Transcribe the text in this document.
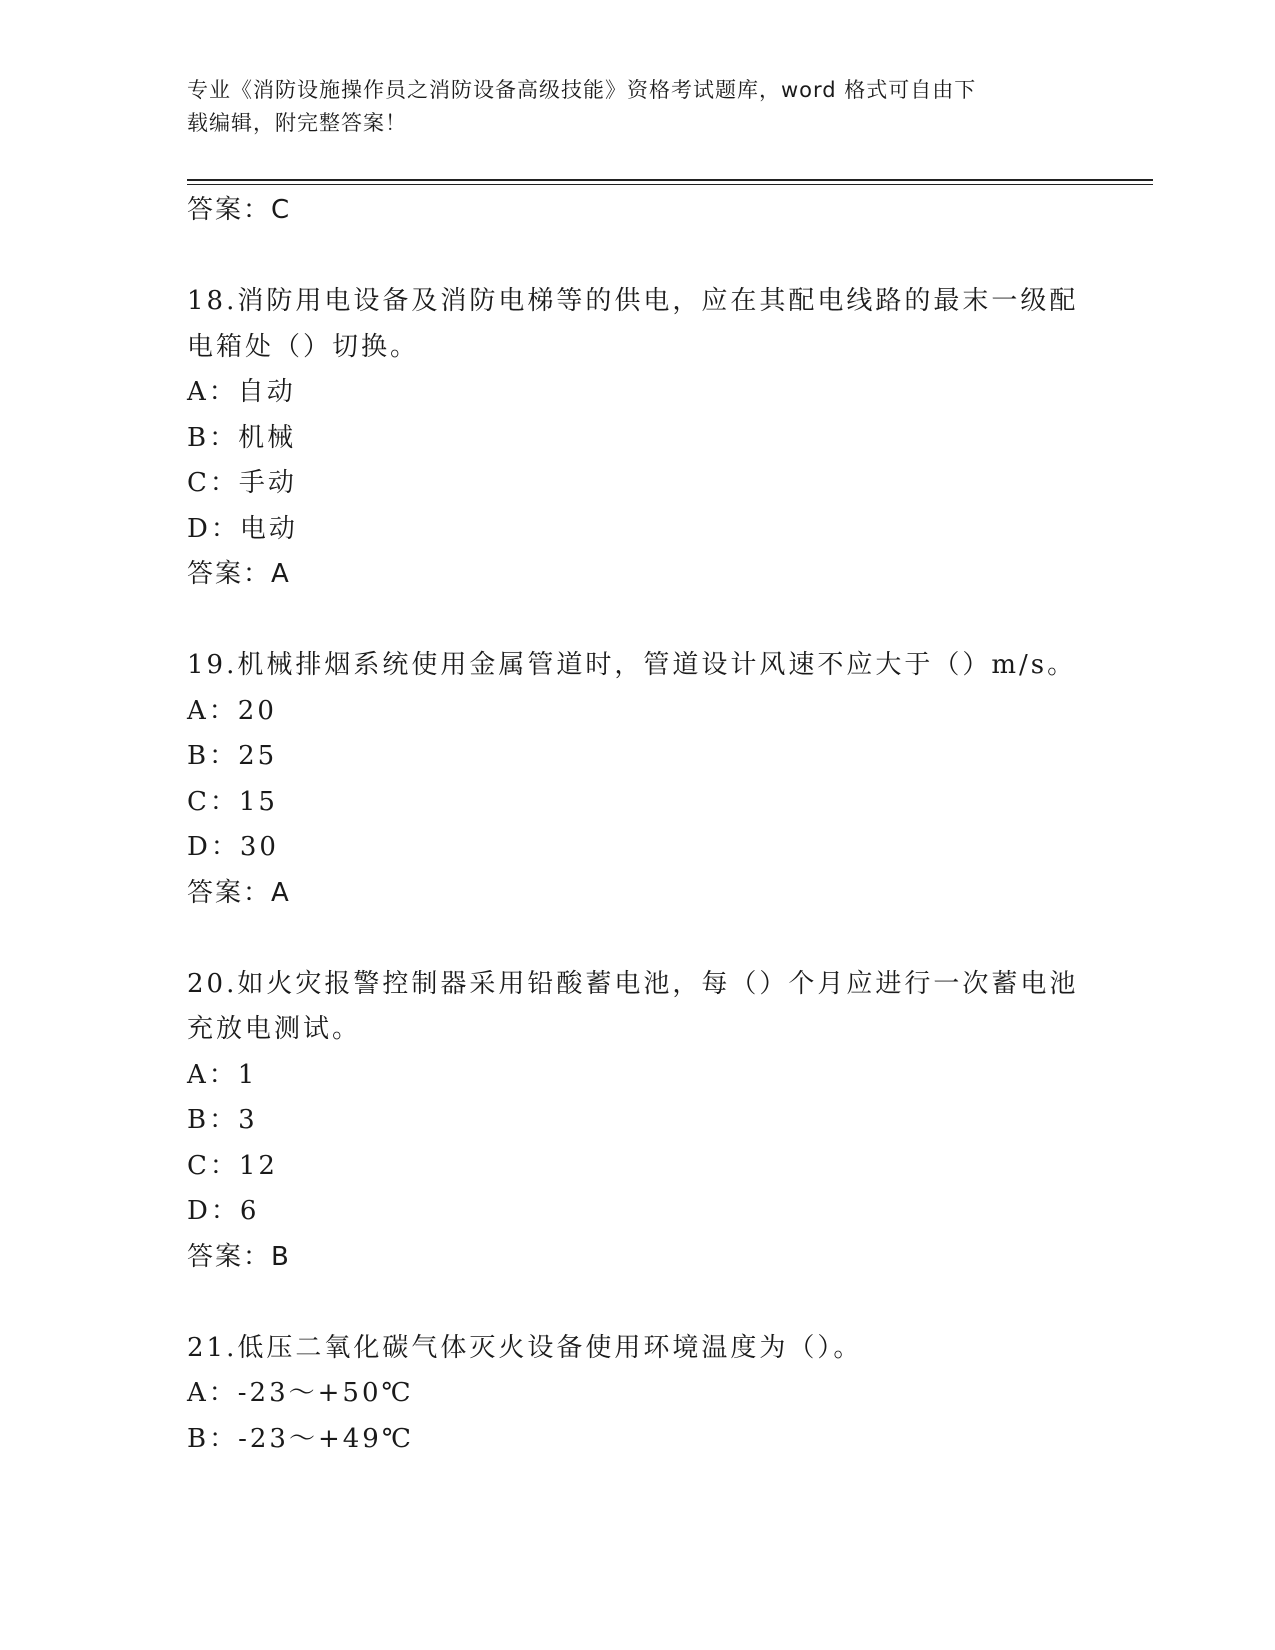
专业《消防设施操作员之消防设备高级技能》资格考试题库，word 格式可自由下
载编辑，附完整答案！
答案：C
18.消防用电设备及消防电梯等的供电，应在其配电线路的最末一级配
电箱处（）切换。
A：自动
B：机械
C：手动
D：电动
答案：A
19.机械排烟系统使用金属管道时，管道设计风速不应大于（）m/s。
A：20
B：25
C：15
D：30
答案：A
20.如火灾报警控制器采用铅酸蓄电池，每（）个月应进行一次蓄电池
充放电测试。
A：1
B：3
C：12
D：6
答案：B
21.低压二氧化碳气体灭火设备使用环境温度为（）。
A：-23～+50℃
B：-23～+49℃
